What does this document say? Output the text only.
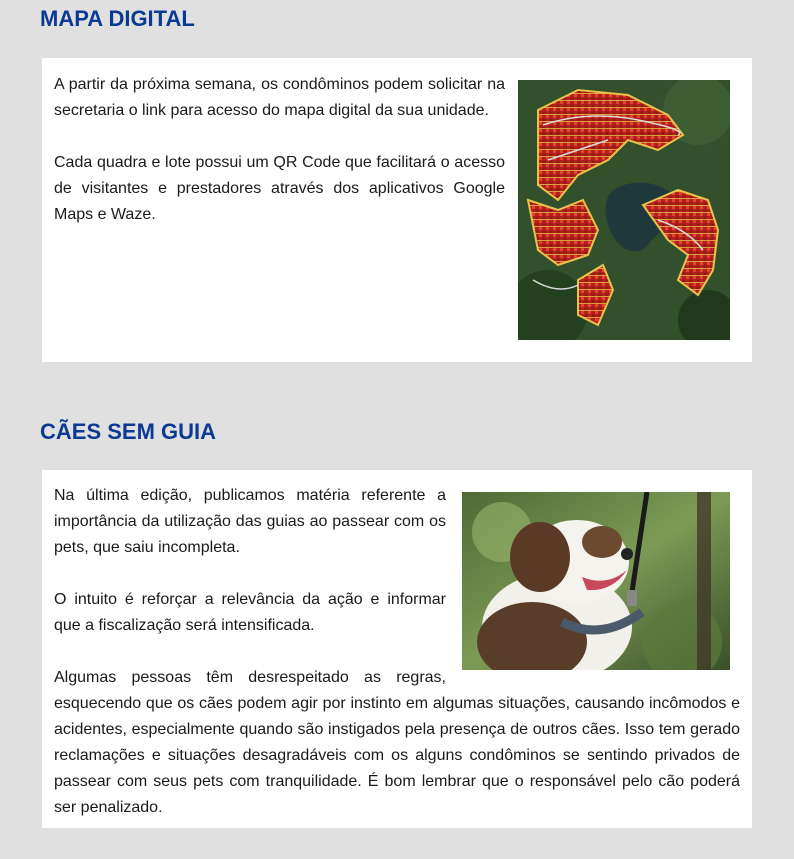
MAPA DIGITAL

A partir da próxima semana, os condôminos podem solicitar na secretaria o link para acesso do mapa digital da sua unidade.

Cada quadra e lote possui um QR Code que facilitará o acesso de visitantes e prestadores através dos aplicativos Google Maps e Waze.

CÃES SEM GUIA

Na última edição, publicamos matéria referente a importância da utilização das guias ao passear com os pets, que saiu incompleta.

O intuito é reforçar a relevância da ação e informar que a fiscalização será intensificada.

Algumas pessoas têm desrespeitado as regras, esquecendo que os cães podem agir por instinto em algumas situações, causando incômodos e acidentes, especialmente quando são instigados pela presença de outros cães. Isso tem gerado reclamações e situações desagradáveis com os alguns condôminos se sentindo privados de passear com seus pets com tranquilidade. É bom lembrar que o responsável pelo cão poderá ser penalizado.
